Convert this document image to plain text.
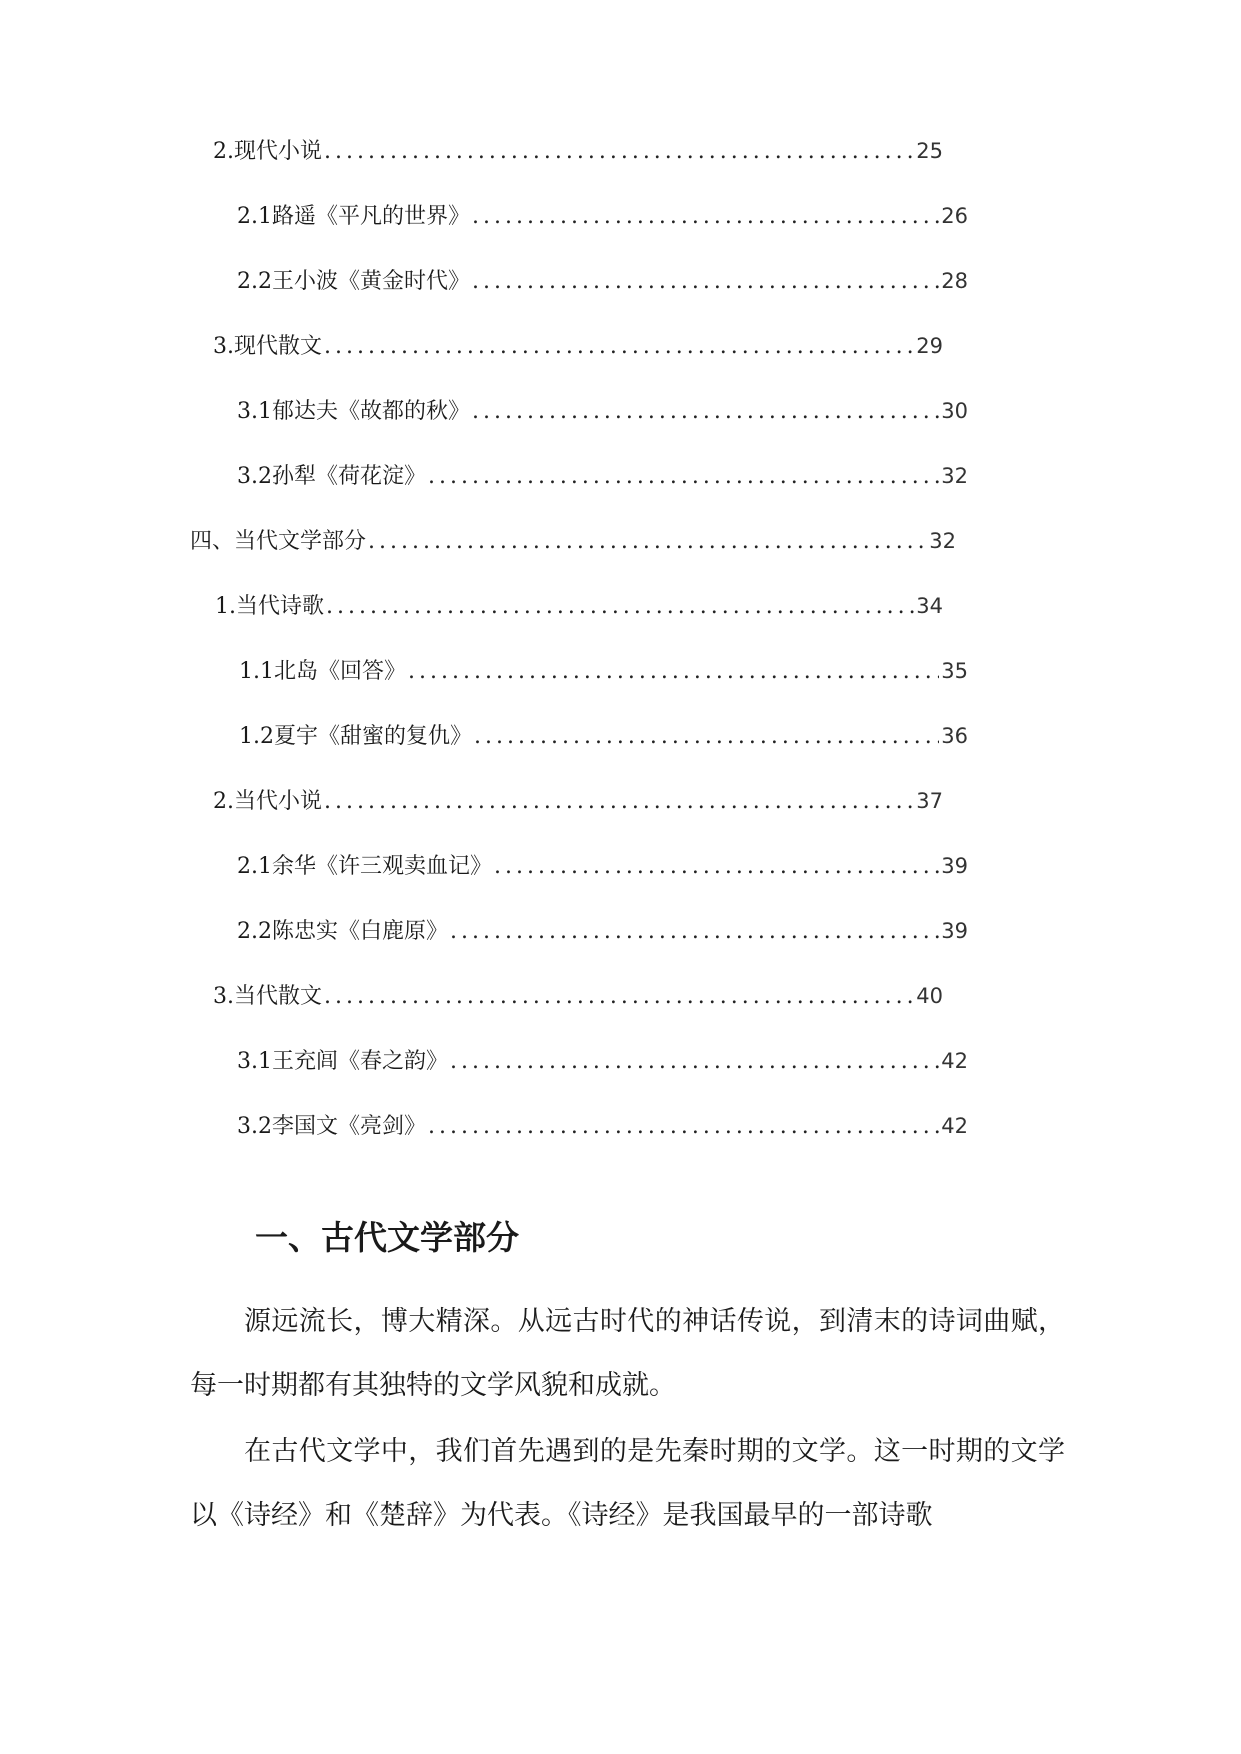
2. 现代小说 .....	25
2.1 路遥《平凡的世界》 .....	26
2.2 王小波《黄金时代》 .....	28
3. 现代散文 .....	29
3.1 郁达夫《故都的秋》 .....	30
3.2 孙犁《荷花淀》 .....	32
四、当代文学部分 .....	32
1. 当代诗歌 .....	34
1.1 北岛《回答》 .....	35
1.2 夏宇《甜蜜的复仇》 .....	36
2. 当代小说 .....	37
2.1 余华《许三观卖血记》 .....	39
2.2 陈忠实《白鹿原》 .....	39
3. 当代散文 .....	40
3.1 王充闾《春之韵》 .....	42
3.2 李国文《亮剑》 .....	42
一、古代文学部分

源远流长，博大精深。从远古时代的神话传说，到清末的诗词曲赋，每一时期都有其独特的文学风貌和成就。

在古代文学中，我们首先遇到的是先秦时期的文学。这一时期的文学以《诗经》和《楚辞》为代表。《诗经》是我国最早的一部诗歌
